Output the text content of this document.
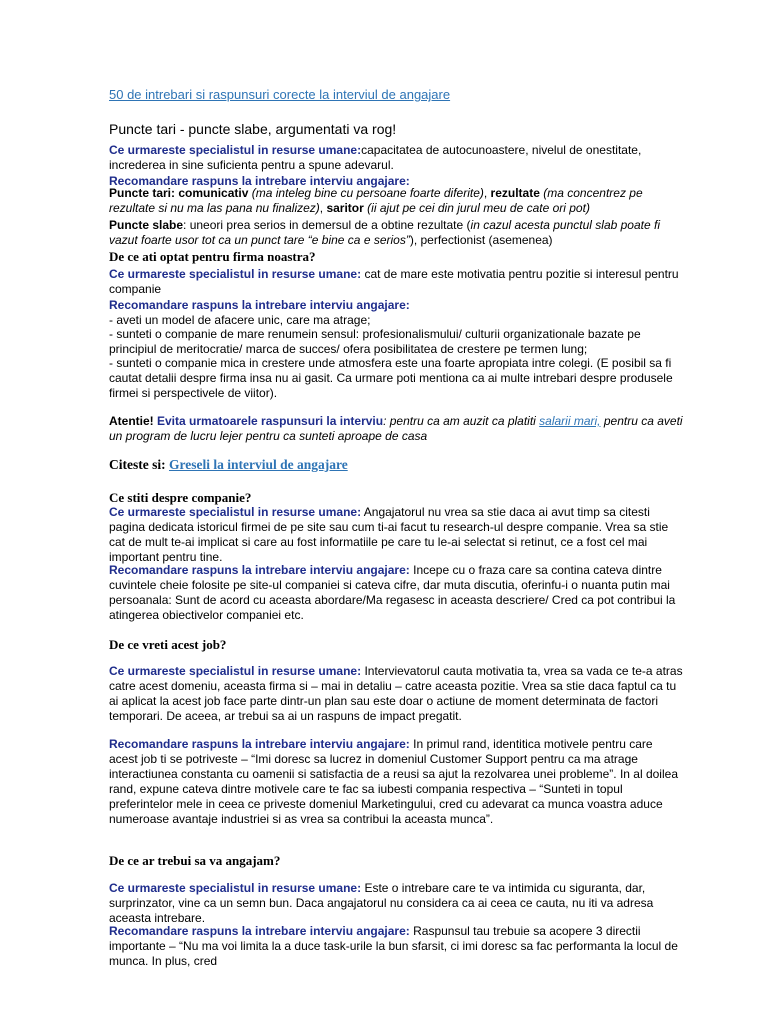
50 de intrebari si raspunsuri corecte la interviul de angajare
Puncte tari - puncte slabe, argumentati va rog!
Ce urmareste specialistul in resurse umane:capacitatea de autocunoastere, nivelul de onestitate, increderea in sine suficienta pentru a spune adevarul.
Recomandare raspuns la intrebare interviu angajare:
Puncte tari: comunicativ (ma inteleg bine cu persoane foarte diferite), rezultate (ma concentrez pe rezultate si nu ma las pana nu finalizez), saritor (ii ajut pe cei din jurul meu de cate ori pot)
Puncte slabe: uneori prea serios in demersul de a obtine rezultate (in cazul acesta punctul slab poate fi vazut foarte usor tot ca un punct tare “e bine ca e serios”), perfectionist (asemenea)
De ce ati optat pentru firma noastra?
Ce urmareste specialistul in resurse umane: cat de mare este motivatia pentru pozitie si interesul pentru companie
Recomandare raspuns la intrebare interviu angajare:
- aveti un model de afacere unic, care ma atrage;
- sunteti o companie de mare renumein sensul: profesionalismului/ culturii organizationale bazate pe principiul de meritocratie/ marca de succes/ ofera posibilitatea de crestere pe termen lung;
- sunteti o companie mica in crestere unde atmosfera este una foarte apropiata intre colegi. (E posibil sa fi cautat detalii despre firma insa nu ai gasit. Ca urmare poti mentiona ca ai multe intrebari despre produsele firmei si perspectivele de viitor).
Atentie! Evita urmatoarele raspunsuri la interviu: pentru ca am auzit ca platiti salarii mari, pentru ca aveti un program de lucru lejer pentru ca sunteti aproape de casa
Citeste si: Greseli la interviul de angajare
Ce stiti despre companie?
Ce urmareste specialistul in resurse umane: Angajatorul nu vrea sa stie daca ai avut timp sa citesti pagina dedicata istoricul firmei de pe site sau cum ti-ai facut tu research-ul despre companie. Vrea sa stie cat de mult te-ai implicat si care au fost informatiile pe care tu le-ai selectat si retinut, ce a fost cel mai important pentru tine.
Recomandare raspuns la intrebare interviu angajare: Incepe cu o fraza care sa contina cateva dintre cuvintele cheie folosite pe site-ul companiei si cateva cifre, dar muta discutia, oferinfu-i o nuanta putin mai persoanala: Sunt de acord cu aceasta abordare/Ma regasesc in aceasta descriere/ Cred ca pot contribui la atingerea obiectivelor companiei etc.
De ce vreti acest job?
Ce urmareste specialistul in resurse umane: Intervievatorul cauta motivatia ta, vrea sa vada ce te-a atras catre acest domeniu, aceasta firma si – mai in detaliu – catre aceasta pozitie. Vrea sa stie daca faptul ca tu ai aplicat la acest job face parte dintr-un plan sau este doar o actiune de moment determinata de factori temporari. De aceea, ar trebui sa ai un raspuns de impact pregatit.
Recomandare raspuns la intrebare interviu angajare: In primul rand, identitica motivele pentru care acest job ti se potriveste – “Imi doresc sa lucrez in domeniul Customer Support pentru ca ma atrage interactiunea constanta cu oamenii si satisfactia de a reusi sa ajut la rezolvarea unei probleme”. In al doilea rand, expune cateva dintre motivele care te fac sa iubesti compania respectiva – “Sunteti in topul preferintelor mele in ceea ce priveste domeniul Marketingului, cred cu adevarat ca munca voastra aduce numeroase avantaje industriei si as vrea sa contribui la aceasta munca”.
De ce ar trebui sa va angajam?
Ce urmareste specialistul in resurse umane: Este o intrebare care te va intimida cu siguranta, dar, surprinzator, vine ca un semn bun. Daca angajatorul nu considera ca ai ceea ce cauta, nu iti va adresa aceasta intrebare.
Recomandare raspuns la intrebare interviu angajare: Raspunsul tau trebuie sa acopere 3 directii importante – “Nu ma voi limita la a duce task-urile la bun sfarsit, ci imi doresc sa fac performanta la locul de munca. In plus, cred
